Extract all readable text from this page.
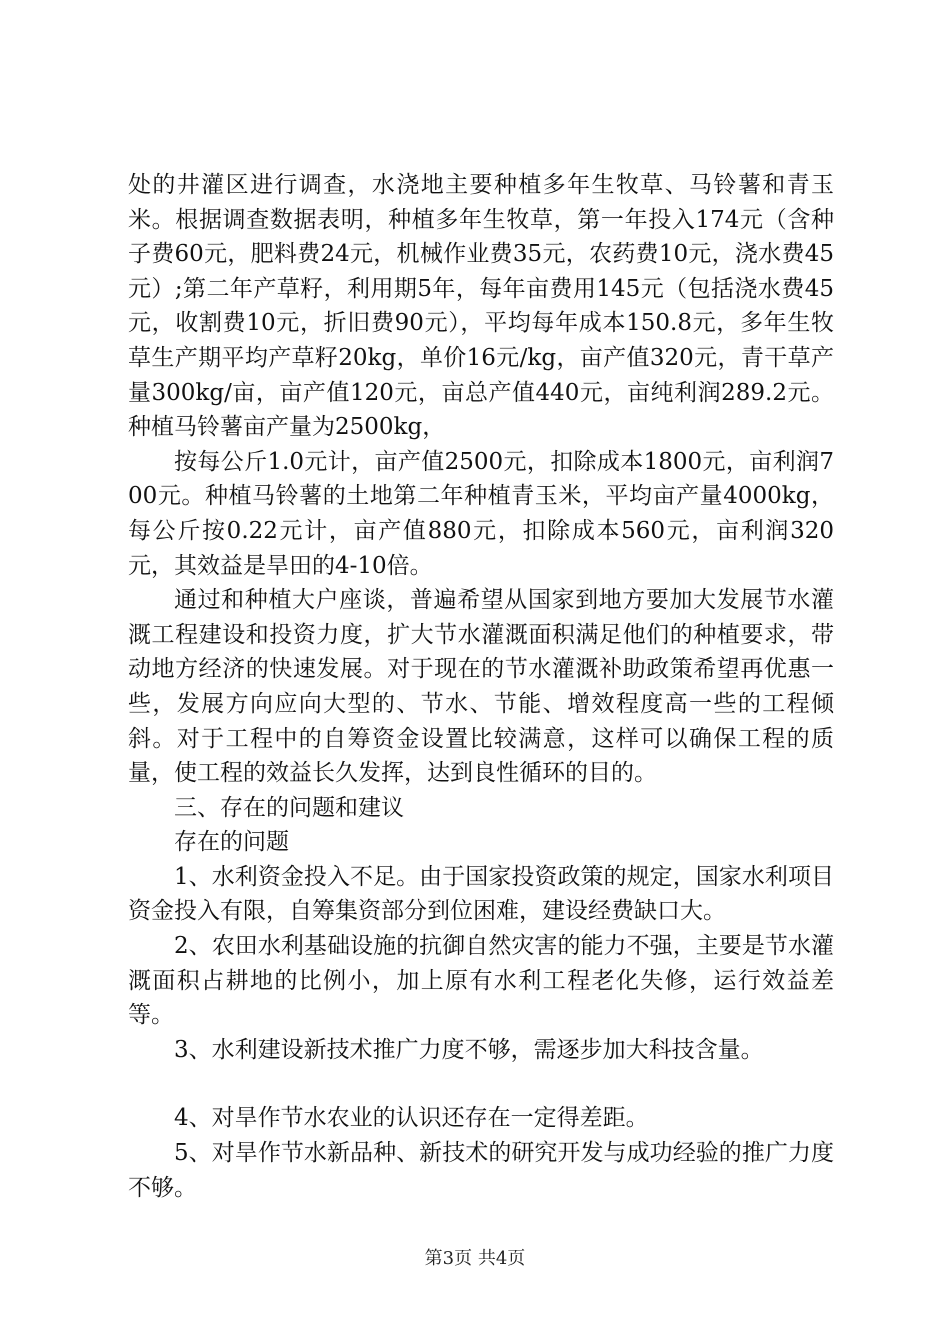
处的井灌区进行调查，水浇地主要种植多年生牧草、马铃薯和青玉米。根据调查数据表明，种植多年生牧草，第一年投入174元（含种子费60元，肥料费24元，机械作业费35元，农药费10元，浇水费45元）;第二年产草籽，利用期5年，每年亩费用145元（包括浇水费45元，收割费10元，折旧费90元），平均每年成本150.8元，多年生牧草生产期平均产草籽20kg，单价16元/kg，亩产值320元，青干草产量300kg/亩，亩产值120元，亩总产值440元，亩纯利润289.2元。种植马铃薯亩产量为2500kg，

按每公斤1.0元计，亩产值2500元，扣除成本1800元，亩利润700元。种植马铃薯的土地第二年种植青玉米，平均亩产量4000kg，每公斤按0.22元计，亩产值880元，扣除成本560元，亩利润320元，其效益是旱田的4-10倍。

通过和种植大户座谈，普遍希望从国家到地方要加大发展节水灌溉工程建设和投资力度，扩大节水灌溉面积满足他们的种植要求，带动地方经济的快速发展。对于现在的节水灌溉补助政策希望再优惠一些，发展方向应向大型的、节水、节能、增效程度高一些的工程倾斜。对于工程中的自筹资金设置比较满意，这样可以确保工程的质量，使工程的效益长久发挥，达到良性循环的目的。

三、存在的问题和建议

存在的问题

1、水利资金投入不足。由于国家投资政策的规定，国家水利项目资金投入有限，自筹集资部分到位困难，建设经费缺口大。

2、农田水利基础设施的抗御自然灾害的能力不强，主要是节水灌溉面积占耕地的比例小，加上原有水利工程老化失修，运行效益差等。

3、水利建设新技术推广力度不够，需逐步加大科技含量。

4、对旱作节水农业的认识还存在一定得差距。

5、对旱作节水新品种、新技术的研究开发与成功经验的推广力度不够。

第3页 共4页
